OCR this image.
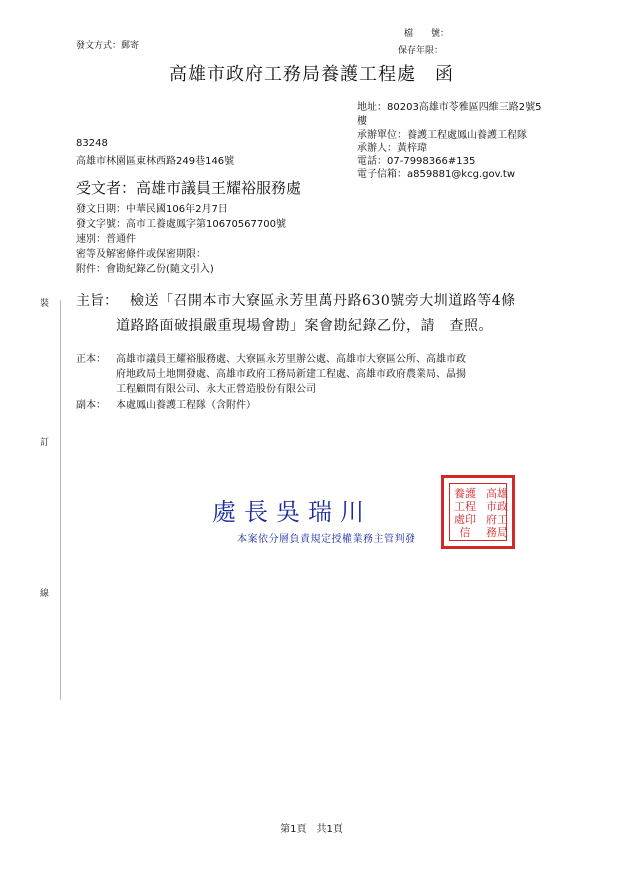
發文方式：郵寄
檔　　號：
保存年限：
高雄市政府工務局養護工程處　函
地址：80203高雄市苓雅區四維三路2號5
樓
承辦單位：養護工程處鳳山養護工程隊
承辦人：黃梓瑋
電話：07-7998366#135
電子信箱：a859881@kcg.gov.tw
83248
高雄市林園區東林西路249巷146號
受文者：高雄市議員王耀裕服務處
發文日期：中華民國106年2月7日
發文字號：高市工養處鳳字第10670567700號
速別：普通件
密等及解密條件或保密期限：
附件：會勘紀錄乙份(隨文引入)
主旨： 檢送「召開本市大寮區永芳里萬丹路630號旁大圳道路等4條
道路路面破損嚴重現場會勘」案會勘紀錄乙份，請　查照。
正本： 高雄市議員王耀裕服務處、大寮區永芳里辦公處、高雄市大寮區公所、高雄市政
府地政局土地開發處、高雄市政府工務局新建工程處、高雄市政府農業局、晶揚
工程顧問有限公司、永大正營造股份有限公司
副本： 本處鳳山養護工程隊（含附件）
裝
訂
線
處長吳瑞川
本案依分層負責規定授權業務主管判發
高雄
市政
府工
務局
養護
工程
處印
信
第1頁　共1頁
